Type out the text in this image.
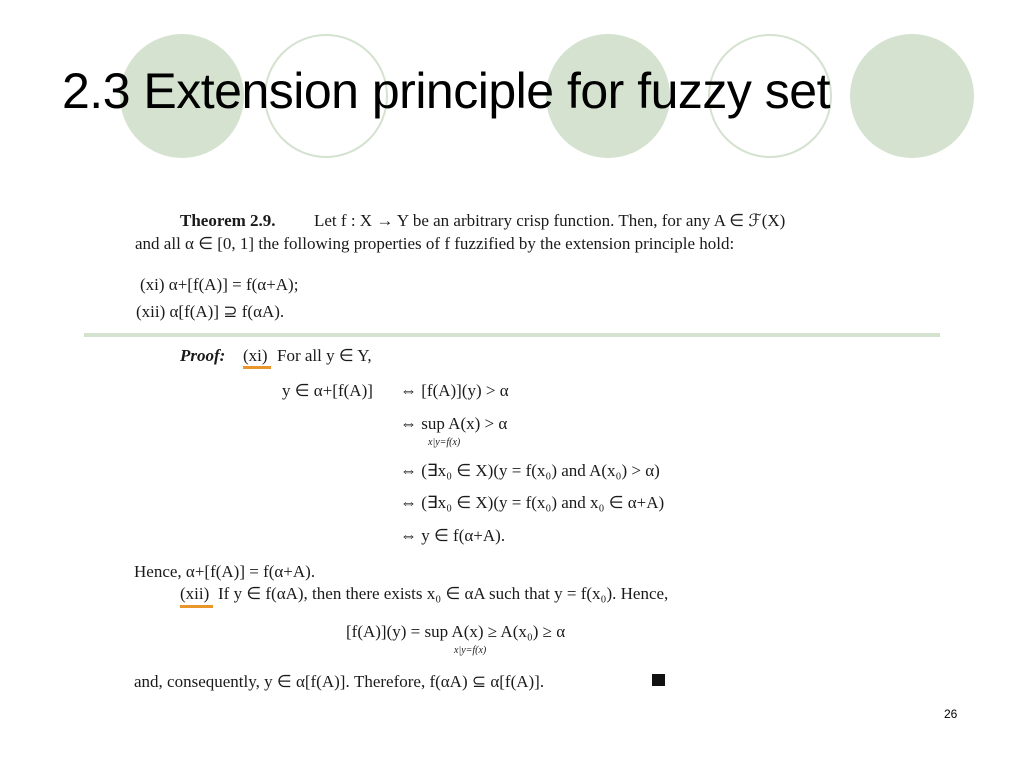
2.3 Extension principle for fuzzy set
Theorem 2.9. Let f : X → Y be an arbitrary crisp function. Then, for any A ∈ ℱ(X)
and all α ∈ [0, 1] the following properties of f fuzzified by the extension principle hold:
(xi) α+[f(A)] = f(α+A);
(xii) α[f(A)] ⊇ f(αA).
Proof: (xi) For all y ∈ Y,
y ∈ α+[f(A)] ⇔ [f(A)](y) > α
⇔ sup A(x) > α
x|y=f(x)
⇔ (∃x₀ ∈ X)(y = f(x₀) and A(x₀) > α)
⇔ (∃x₀ ∈ X)(y = f(x₀) and x₀ ∈ α+A)
⇔ y ∈ f(α+A).
Hence, α+[f(A)] = f(α+A).
(xii) If y ∈ f(αA), then there exists x₀ ∈ αA such that y = f(x₀). Hence,
[f(A)](y) = sup A(x) ≥ A(x₀) ≥ α
x|y=f(x)
and, consequently, y ∈ α[f(A)]. Therefore, f(αA) ⊆ α[f(A)].
26
